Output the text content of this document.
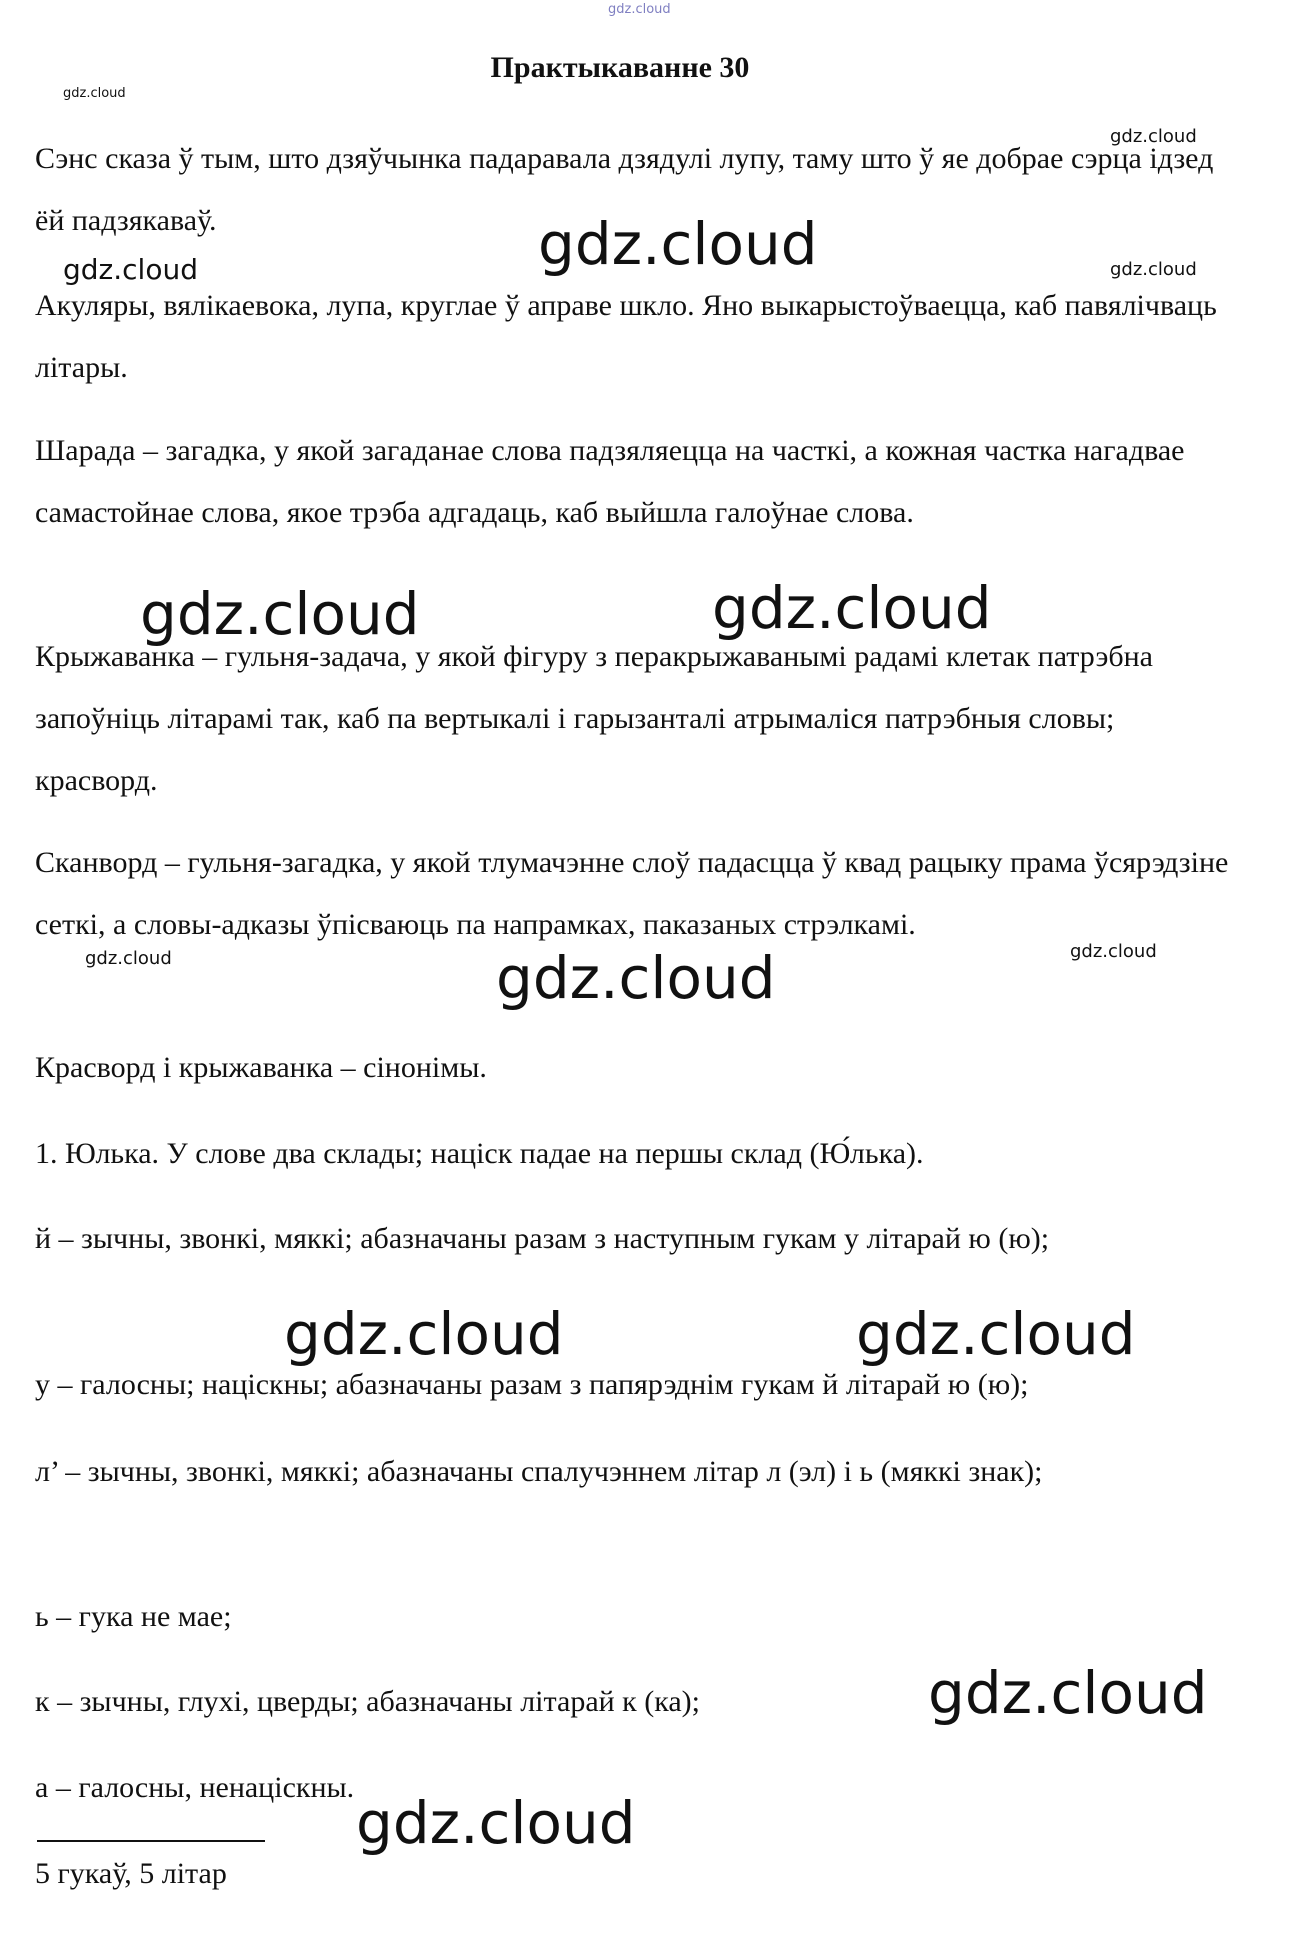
gdz.cloud
Практыкаванне 30
gdz.cloud

Сэнс сказа ў тым, што дзяўчынка падаравала дзядулі лупу, таму што ў яе добрае сэрца ідзед ёй падзякаваў.

gdz.cloud
gdz.cloud
gdz.cloud	gdz.cloud

Акуляры, вялікаевока, лупа, круглае ў аправе шкло. Яно выкарыстоўваецца, каб павялічваць літары.

Шарада – загадка, у якой загаданае слова падзяляецца на часткі, а кожная частка нагадвае самастойнае слова, якое трэба адгадаць, каб выйшла галоўнае слова.

gdz.cloud	gdz.cloud

Крыжаванка – гульня-задача, у якой фігуру з перакрыжаванымі радамі клетак патрэбна запоўніць літарамі так, каб па вертыкалі і гарызанталі атрымаліся патрэбныя словы; красворд.

Сканворд – гульня-загадка, у якой тлумачэнне слоў падасцца ў квад рацыку прама ўсярэдзіне сеткі, а словы-адказы ўпісваюць па напрамках, паказаных стрэлкамі.

gdz.cloud	gdz.cloud
gdz.cloud

Красворд і крыжаванка – сінонімы.

1. Юлька. У слове два склады; націск падае на першы склад (Ю́лька).

й – зычны, звонкі, мяккі; абазначаны разам з наступным гукам у літарай ю (ю);

gdz.cloud	gdz.cloud

у – галосны; націскны; абазначаны разам з папярэднім гукам й літарай ю (ю);

л’ – зычны, звонкі, мяккі; абазначаны спалучэннем літар л (эл) і ь (мяккі знак);

ь – гука не мае;

к – зычны, глухі, цверды; абазначаны літарай к (ка);	gdz.cloud

а – галосны, ненаціскны.

gdz.cloud

5 гукаў, 5 літар
